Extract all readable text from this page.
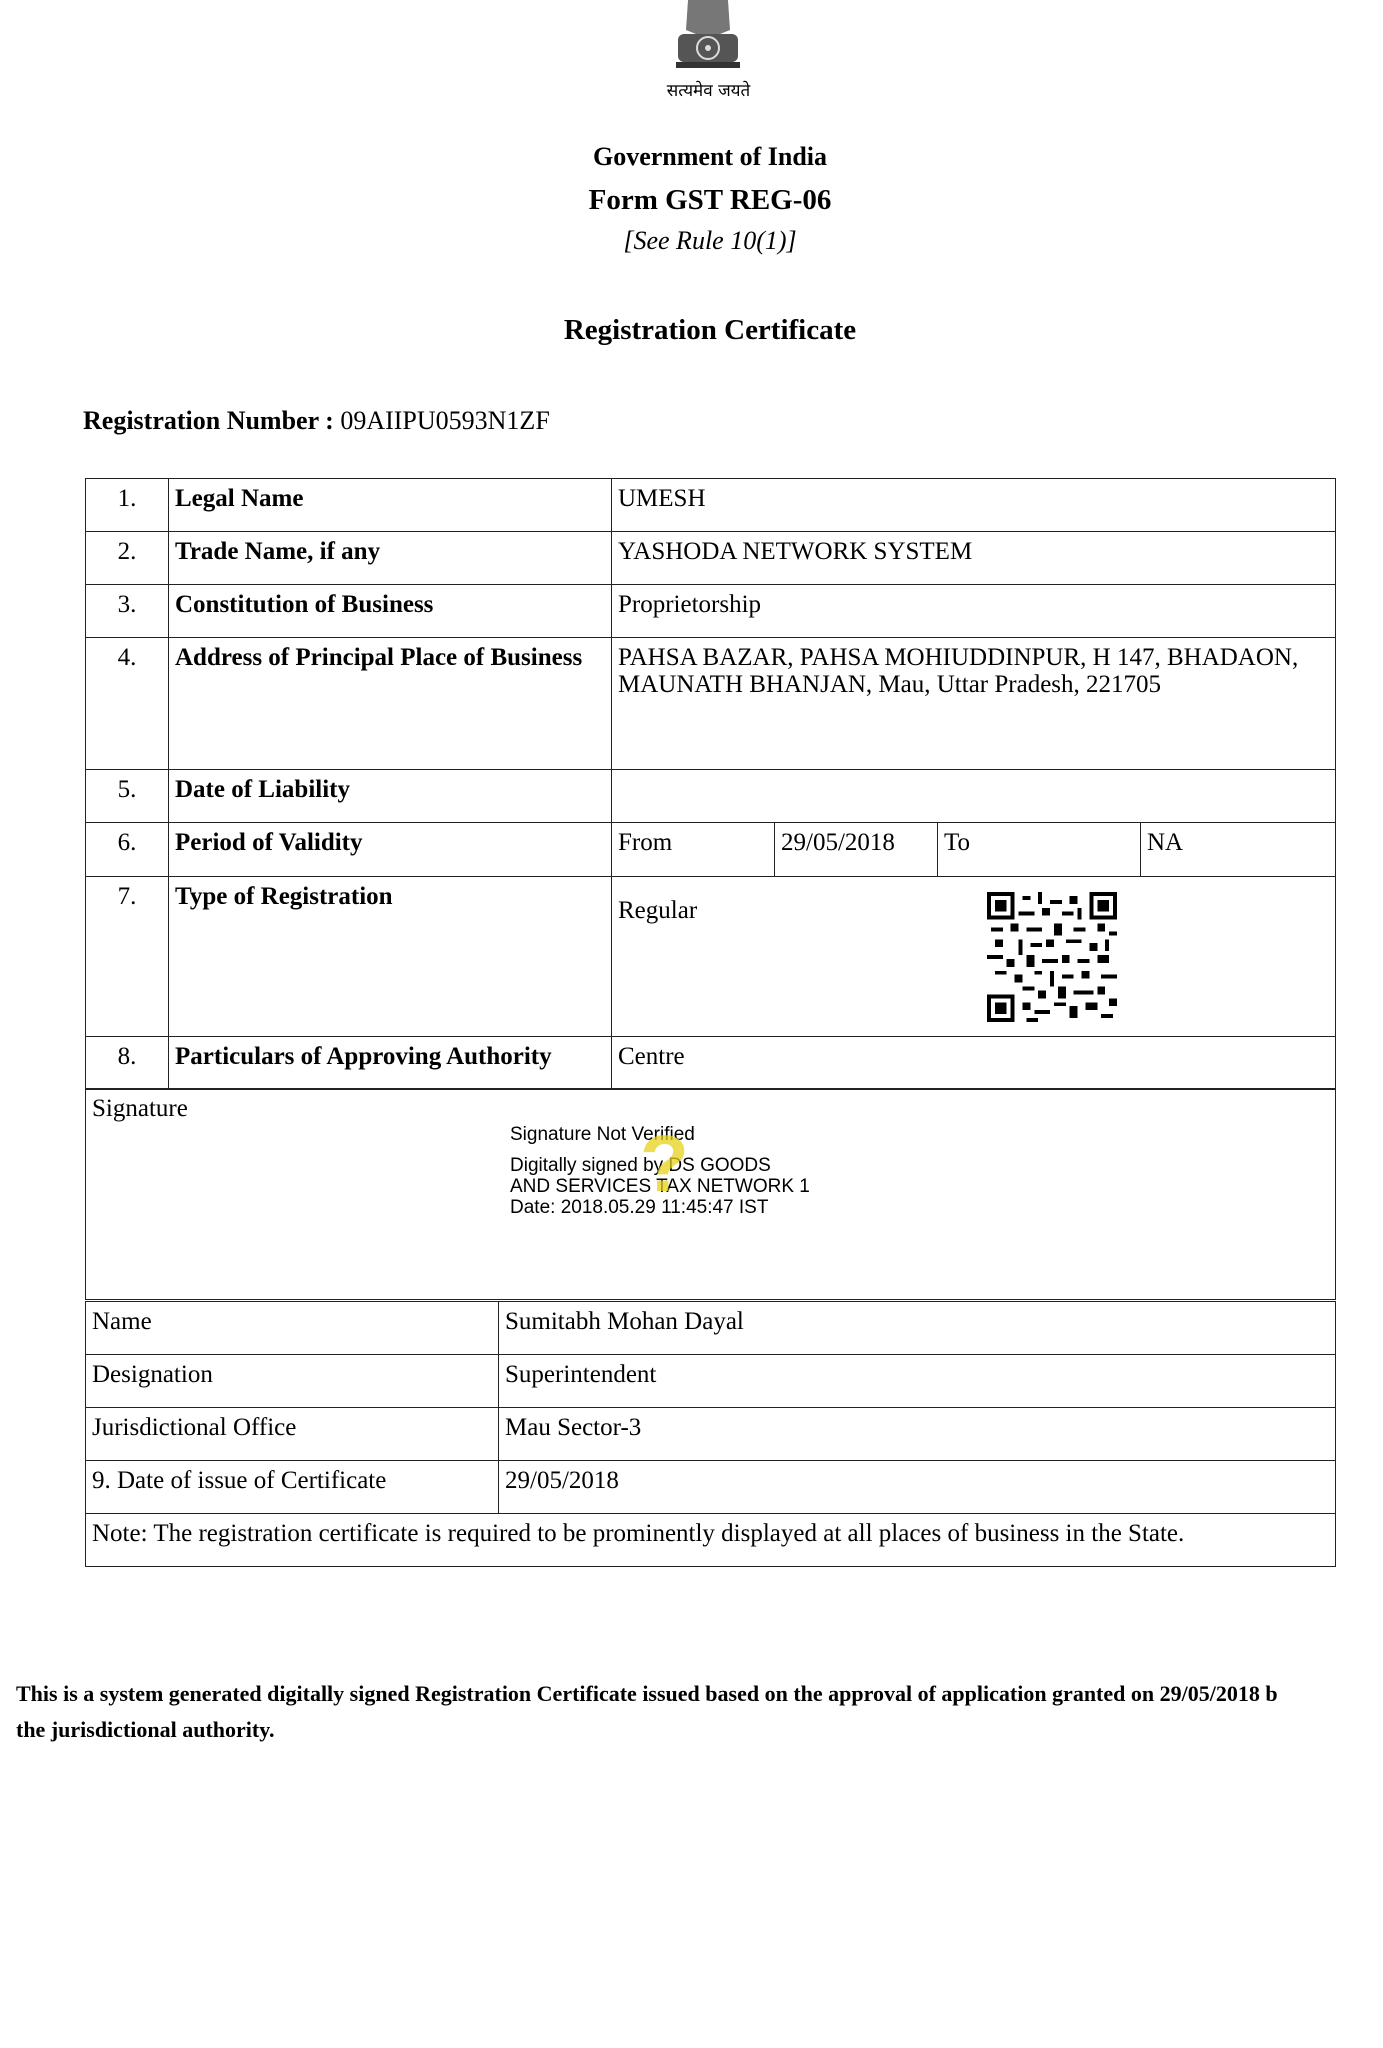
सत्यमेव जयते
Government of India
Form GST REG-06
[See Rule 10(1)]
Registration Certificate
Registration Number : 09AIIPU0593N1ZF
1.	Legal Name	UMESH
2.	Trade Name, if any	YASHODA NETWORK SYSTEM
3.	Constitution of Business	Proprietorship
4.	Address of Principal Place of Business	PAHSA BAZAR, PAHSA MOHIUDDINPUR, H 147, BHADAON, MAUNATH BHANJAN, Mau, Uttar Pradesh, 221705
5.	Date of Liability	
6.	Period of Validity		From	29/05/2018	To	NA

7.	Type of Registration	Regular
8.	Particulars of Approving Authority	Centre
Signature
Signature Not Verified
Digitally signed by DS GOODS
AND SERVICES TAX NETWORK 1
Date: 2018.05.29 11:45:47 IST
?
Name	Sumitabh Mohan Dayal
Designation	Superintendent
Jurisdictional Office	Mau Sector-3
9. Date of issue of Certificate	29/05/2018
Note: The registration certificate is required to be prominently displayed at all places of business in the State.	
This is a system generated digitally signed Registration Certificate issued based on the approval of application granted on 29/05/2018 b
the jurisdictional authority.
